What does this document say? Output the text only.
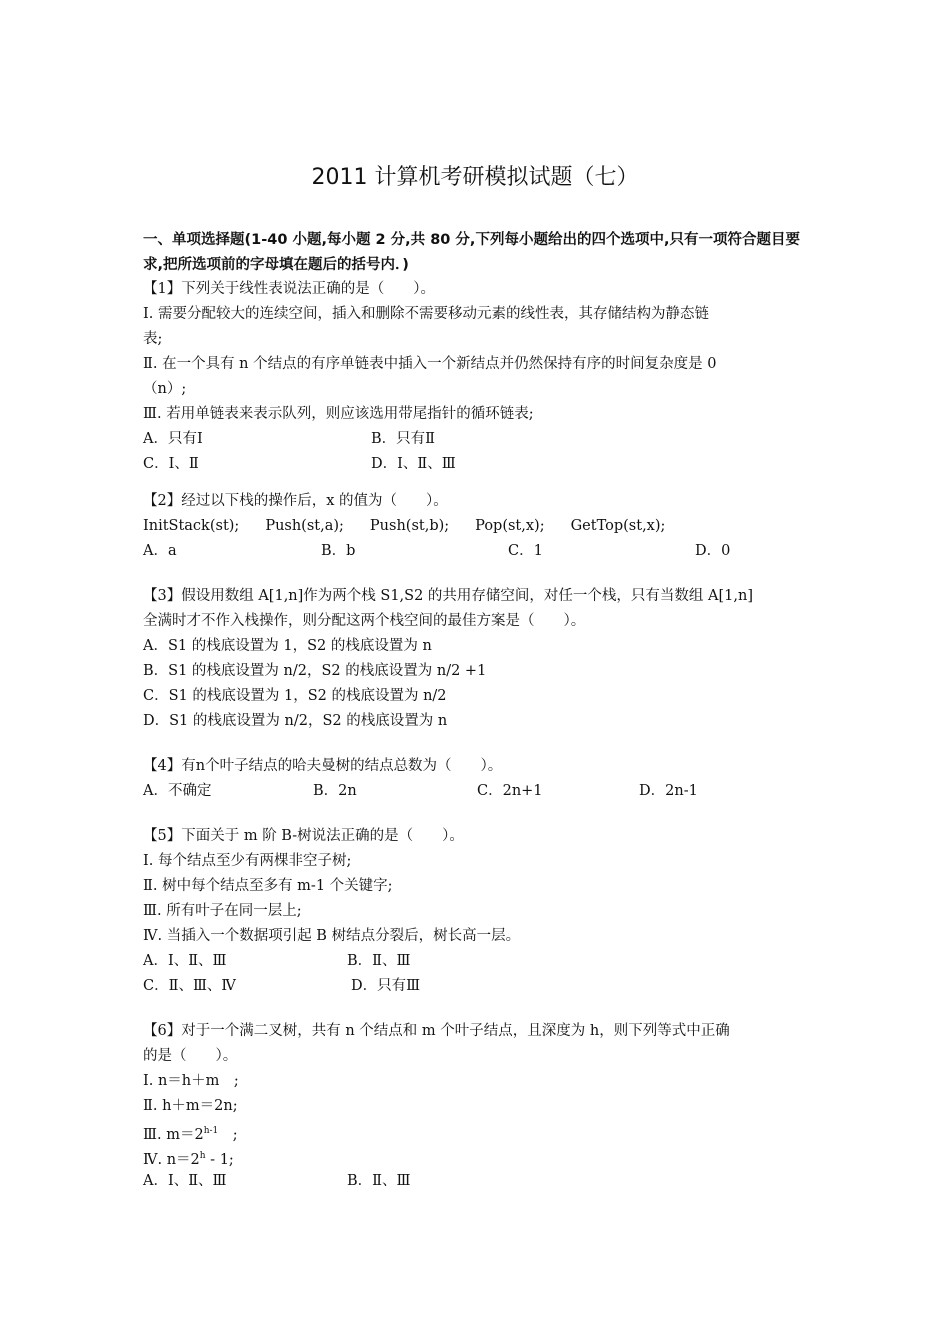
2011 计算机考研模拟试题（七）
一、单项选择题(1-40 小题,每小题 2 分,共 80 分,下列每小题给出的四个选项中,只有一项符合题目要求,把所选项前的字母填在题后的括号内．)
【1】下列关于线性表说法正确的是（　　）。
Ⅰ. 需要分配较大的连续空间，插入和删除不需要移动元素的线性表，其存储结构为静态链
表;
Ⅱ. 在一个具有 n 个结点的有序单链表中插入一个新结点并仍然保持有序的时间复杂度是 0
（n）;
Ⅲ. 若用单链表来表示队列，则应该选用带尾指针的循环链表;
A．只有Ⅰ	B．只有Ⅱ
C．Ⅰ、Ⅱ	D．Ⅰ、Ⅱ、Ⅲ
【2】经过以下栈的操作后，x 的值为（　　）。
InitStack(st); Push(st,a); Push(st,b); Pop(st,x); GetTop(st,x);
A．a	B．b	C．1	D．0
【3】假设用数组 A[1,n]作为两个栈 S1,S2 的共用存储空间，对任一个栈，只有当数组 A[1,n]
全满时才不作入栈操作，则分配这两个栈空间的最佳方案是（　　）。
A．S1 的栈底设置为 1，S2 的栈底设置为 n
B．S1 的栈底设置为 n/2，S2 的栈底设置为 n/2 +1
C．S1 的栈底设置为 1，S2 的栈底设置为 n/2
D．S1 的栈底设置为 n/2，S2 的栈底设置为 n
【4】有n个叶子结点的哈夫曼树的结点总数为（　　）。
A．不确定	B．2n	C．2n+1	D．2n-1
【5】下面关于 m 阶 B-树说法正确的是（　　）。
Ⅰ. 每个结点至少有两棵非空子树;
Ⅱ. 树中每个结点至多有 m-1 个关键字;
Ⅲ. 所有叶子在同一层上;
Ⅳ. 当插入一个数据项引起 B 树结点分裂后，树长高一层。
A．Ⅰ、Ⅱ、Ⅲ	B．Ⅱ、Ⅲ
C．Ⅱ、Ⅲ、Ⅳ	D．只有Ⅲ
【6】对于一个满二叉树，共有 n 个结点和 m 个叶子结点，且深度为 h，则下列等式中正确
的是（　　）。
Ⅰ. n＝h＋m　;
Ⅱ. h＋m＝2n;
Ⅲ. $m=2^{h-1}$　;
Ⅳ. $n=2^h - 1$;
A．Ⅰ、Ⅱ、Ⅲ	B．Ⅱ、Ⅲ
